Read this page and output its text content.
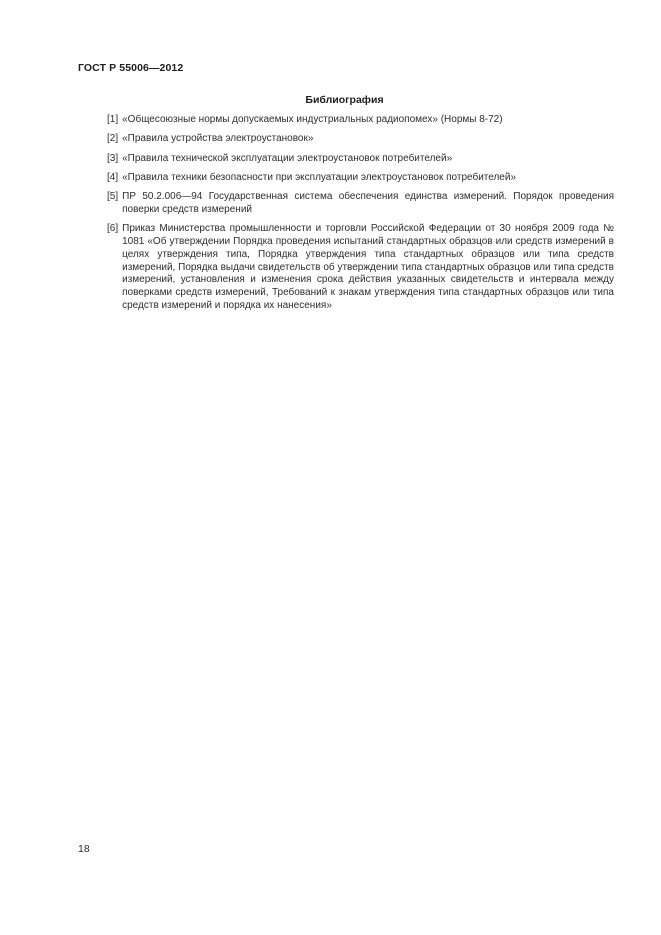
ГОСТ Р 55006—2012
Библиография
[1] «Общесоюзные нормы допускаемых индустриальных радиопомех» (Нормы 8-72)
[2] «Правила устройства электроустановок»
[3] «Правила технической эксплуатации электроустановок потребителей»
[4] «Правила техники безопасности при эксплуатации электроустановок потребителей»
[5] ПР 50.2.006—94 Государственная система обеспечения единства измерений. Порядок проведения поверки средств измерений
[6] Приказ Министерства промышленности и торговли Российской Федерации от 30 ноября 2009 года № 1081 «Об утверждении Порядка проведения испытаний стандартных образцов или средств измерений в целях утверждения типа, Порядка утверждения типа стандартных образцов или типа средств измерений, Порядка выдачи свидетельств об утверждении типа стандартных образцов или типа средств измерений, установления и изменения срока действия указанных свидетельств и интервала между поверками средств измерений, Требований к знакам утверждения типа стандартных образцов или типа средств измерений и порядка их нанесения»
18
